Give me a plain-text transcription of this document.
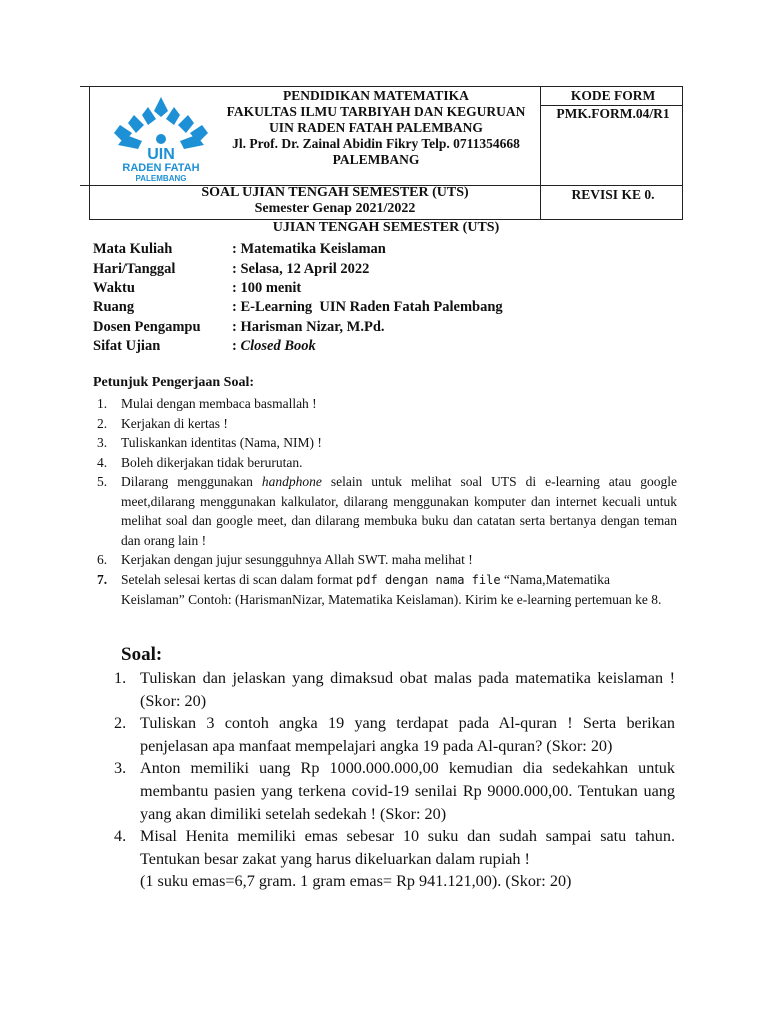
UIN
RADEN FATAH
PALEMBANG
PENDIDIKAN MATEMATIKA
FAKULTAS ILMU TARBIYAH DAN KEGURUAN
UIN RADEN FATAH PALEMBANG
Jl. Prof. Dr. Zainal Abidin Fikry Telp. 0711354668
PALEMBANG
KODE FORM
PMK.FORM.04/R1
SOAL UJIAN TENGAH SEMESTER (UTS)
Semester Genap 2021/2022
REVISI KE 0.
UJIAN TENGAH SEMESTER (UTS)
Mata Kuliah	: Matematika Keislaman
Hari/Tanggal	: Selasa, 12 April 2022
Waktu	: 100 menit
Ruang	: E-Learning  UIN Raden Fatah Palembang
Dosen Pengampu	: Harisman Nizar, M.Pd.
Sifat Ujian	: Closed Book
Petunjuk Pengerjaan Soal:
1.	Mulai dengan membaca basmallah !
2.	Kerjakan di kertas !
3.	Tuliskankan identitas (Nama, NIM) !
4.	Boleh dikerjakan tidak berurutan.
5.	Dilarang menggunakan handphone selain untuk melihat soal UTS di e-learning atau google meet,dilarang menggunakan kalkulator, dilarang menggunakan komputer dan internet kecuali untuk melihat soal dan google meet, dan dilarang membuka buku dan catatan serta bertanya dengan teman dan orang lain !
6.	Kerjakan dengan jujur sesungguhnya Allah SWT. maha melihat !
7.	Setelah selesai kertas di scan dalam format pdf dengan nama file “Nama,Matematika Keislaman” Contoh: (HarismanNizar, Matematika Keislaman). Kirim ke e-learning pertemuan ke 8.
Soal:
1. Tuliskan dan jelaskan yang dimaksud obat malas pada matematika keislaman ! (Skor: 20)
2. Tuliskan 3 contoh angka 19 yang terdapat pada Al-quran ! Serta berikan penjelasan apa manfaat mempelajari angka 19 pada Al-quran? (Skor: 20)
3. Anton memiliki uang Rp 1000.000.000,00 kemudian dia sedekahkan untuk membantu pasien yang terkena covid-19 senilai Rp 9000.000,00. Tentukan uang yang akan dimiliki setelah sedekah ! (Skor: 20)
4. Misal Henita memiliki emas sebesar 10 suku dan sudah sampai satu tahun. Tentukan besar zakat yang harus dikeluarkan dalam rupiah !
(1 suku emas=6,7 gram. 1 gram emas= Rp 941.121,00). (Skor: 20)
